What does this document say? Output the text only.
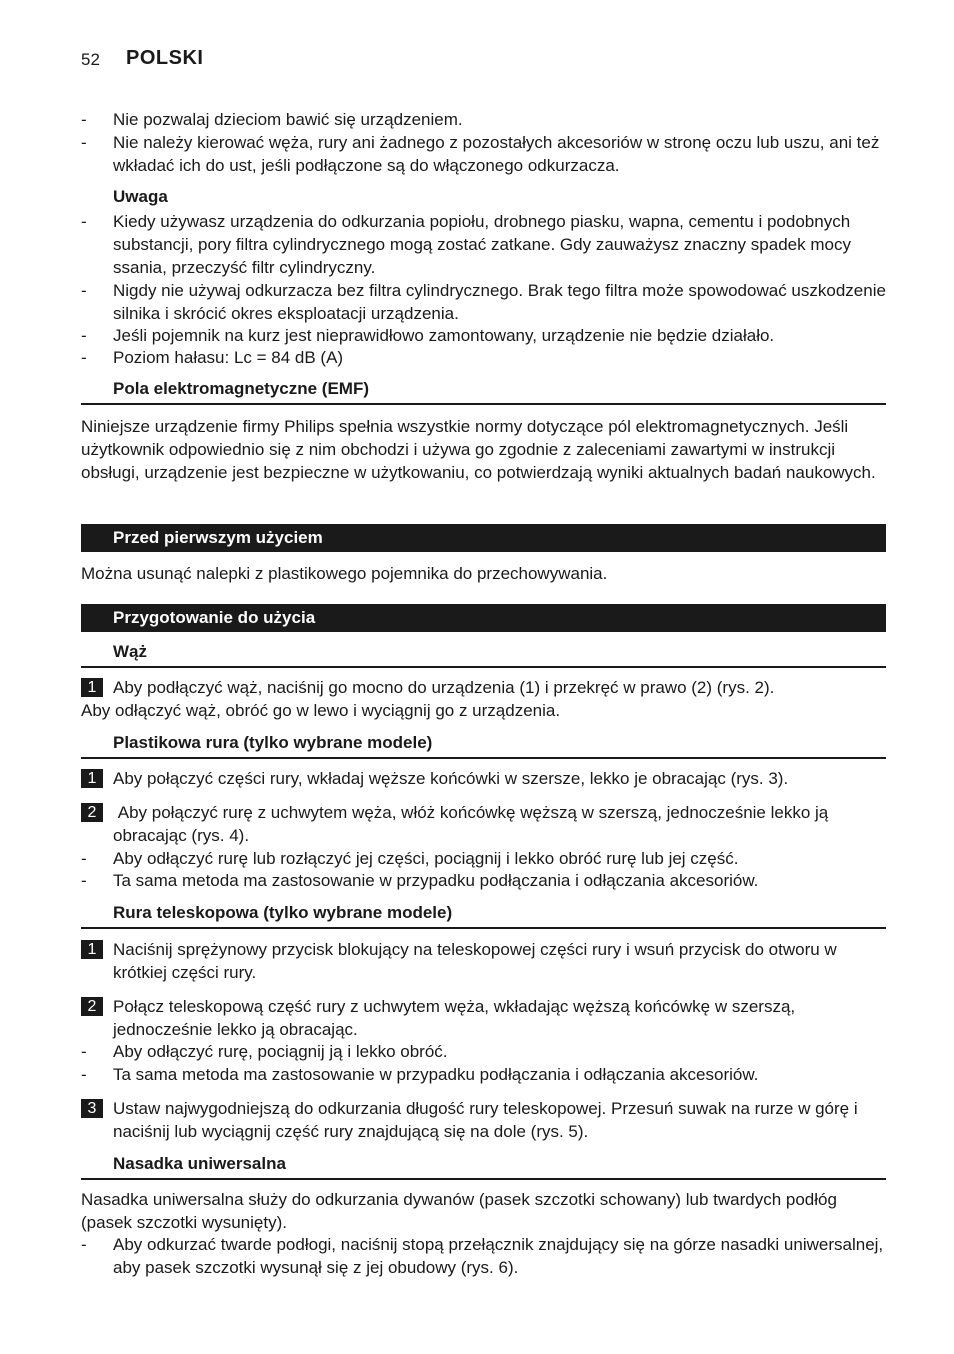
52 POLSKI
- Nie pozwalaj dzieciom bawić się urządzeniem.
- Nie należy kierować węża, rury ani żadnego z pozostałych akcesoriów w stronę oczu lub uszu, ani też wkładać ich do ust, jeśli podłączone są do włączonego odkurzacza.
Uwaga
- Kiedy używasz urządzenia do odkurzania popiołu, drobnego piasku, wapna, cementu i podobnych substancji, pory filtra cylindrycznego mogą zostać zatkane. Gdy zauważysz znaczny spadek mocy ssania, przeczyść filtr cylindryczny.
- Nigdy nie używaj odkurzacza bez filtra cylindrycznego. Brak tego filtra może spowodować uszkodzenie silnika i skrócić okres eksploatacji urządzenia.
- Jeśli pojemnik na kurz jest nieprawidłowo zamontowany, urządzenie nie będzie działało.
- Poziom hałasu: Lc = 84 dB (A)
Pola elektromagnetyczne (EMF)
Niniejsze urządzenie firmy Philips spełnia wszystkie normy dotyczące pól elektromagnetycznych. Jeśli użytkownik odpowiednio się z nim obchodzi i używa go zgodnie z zaleceniami zawartymi w instrukcji obsługi, urządzenie jest bezpieczne w użytkowaniu, co potwierdzają wyniki aktualnych badań naukowych.
Przed pierwszym użyciem
Można usunąć nalepki z plastikowego pojemnika do przechowywania.
Przygotowanie do użycia
Wąż
1 Aby podłączyć wąż, naciśnij go mocno do urządzenia (1) i przekręć w prawo (2) (rys. 2).
Aby odłączyć wąż, obróć go w lewo i wyciągnij go z urządzenia.
Plastikowa rura (tylko wybrane modele)
1 Aby połączyć części rury, wkładaj węższe końcówki w szersze, lekko je obracając (rys. 3).
2 Aby połączyć rurę z uchwytem węża, włóż końcówkę węższą w szerszą, jednocześnie lekko ją obracając (rys. 4).
- Aby odłączyć rurę lub rozłączyć jej części, pociągnij i lekko obróć rurę lub jej część.
- Ta sama metoda ma zastosowanie w przypadku podłączania i odłączania akcesoriów.
Rura teleskopowa (tylko wybrane modele)
1 Naciśnij sprężynowy przycisk blokujący na teleskopowej części rury i wsuń przycisk do otworu w krótkiej części rury.
2 Połącz teleskopową część rury z uchwytem węża, wkładając węższą końcówkę w szerszą, jednocześnie lekko ją obracając.
- Aby odłączyć rurę, pociągnij ją i lekko obróć.
- Ta sama metoda ma zastosowanie w przypadku podłączania i odłączania akcesoriów.
3 Ustaw najwygodniejszą do odkurzania długość rury teleskopowej. Przesuń suwak na rurze w górę i naciśnij lub wyciągnij część rury znajdującą się na dole (rys. 5).
Nasadka uniwersalna
Nasadka uniwersalna służy do odkurzania dywanów (pasek szczotki schowany) lub twardych podłóg (pasek szczotki wysunięty).
- Aby odkurzać twarde podłogi, naciśnij stopą przełącznik znajdujący się na górze nasadki uniwersalnej, aby pasek szczotki wysunął się z jej obudowy (rys. 6).
